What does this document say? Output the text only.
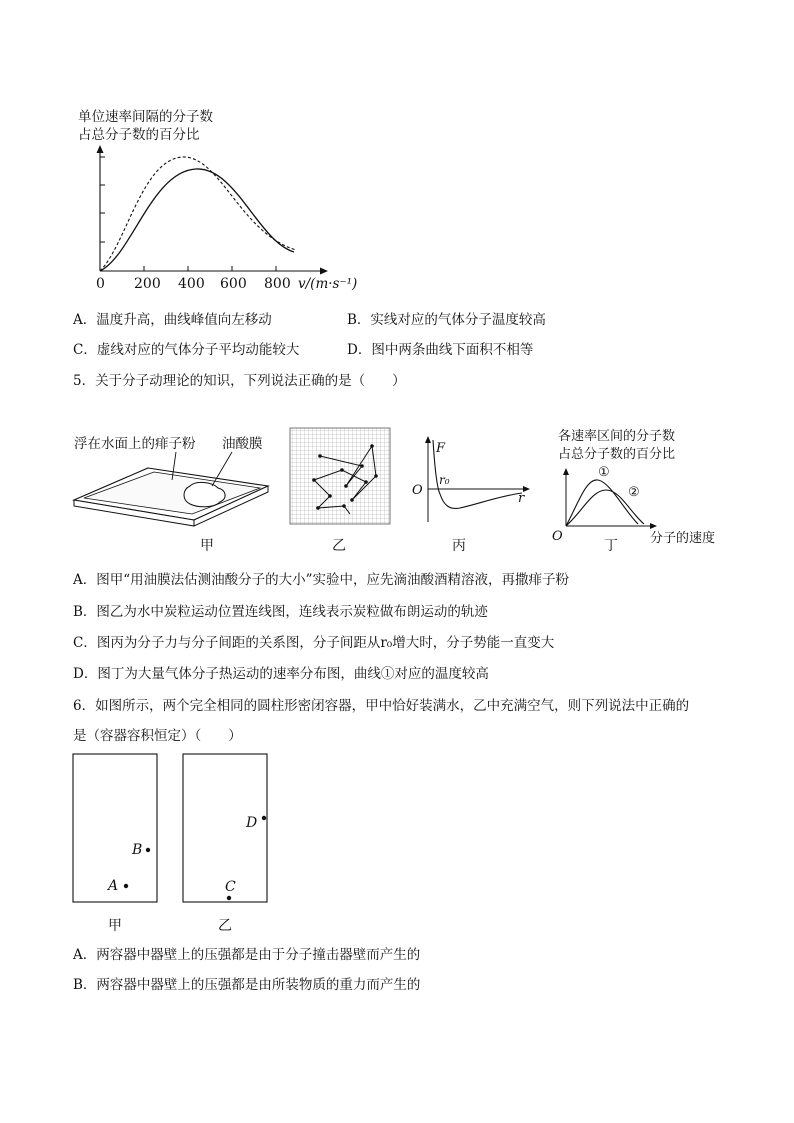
单位速率间隔的分子数
占总分子数的百分比
0 200 400 600 800 v/(m·s⁻¹)
A．温度升高，曲线峰值向左移动	B．实线对应的气体分子温度较高
C．虚线对应的气体分子平均动能较大	D．图中两条曲线下面积不相等
5．关于分子动理论的知识，下列说法正确的是（　　）
浮在水面上的痱子粉 油酸膜
甲	乙
F
O
r₀
r
丙
各速率区间的分子数
占总分子数的百分比
①
②
O	分子的速度
丁
A．图甲“用油膜法估测油酸分子的大小”实验中，应先滴油酸酒精溶液，再撒痱子粉
B．图乙为水中炭粒运动位置连线图，连线表示炭粒做布朗运动的轨迹
C．图丙为分子力与分子间距的关系图，分子间距从r₀增大时，分子势能一直变大
D．图丁为大量气体分子热运动的速率分布图，曲线①对应的温度较高
6．如图所示，两个完全相同的圆柱形密闭容器，甲中恰好装满水，乙中充满空气，则下列说法中正确的
是（容器容积恒定）（　　）
A
B
C
D
甲	乙
A．两容器中器壁上的压强都是由于分子撞击器壁而产生的
B．两容器中器壁上的压强都是由所装物质的重力而产生的
